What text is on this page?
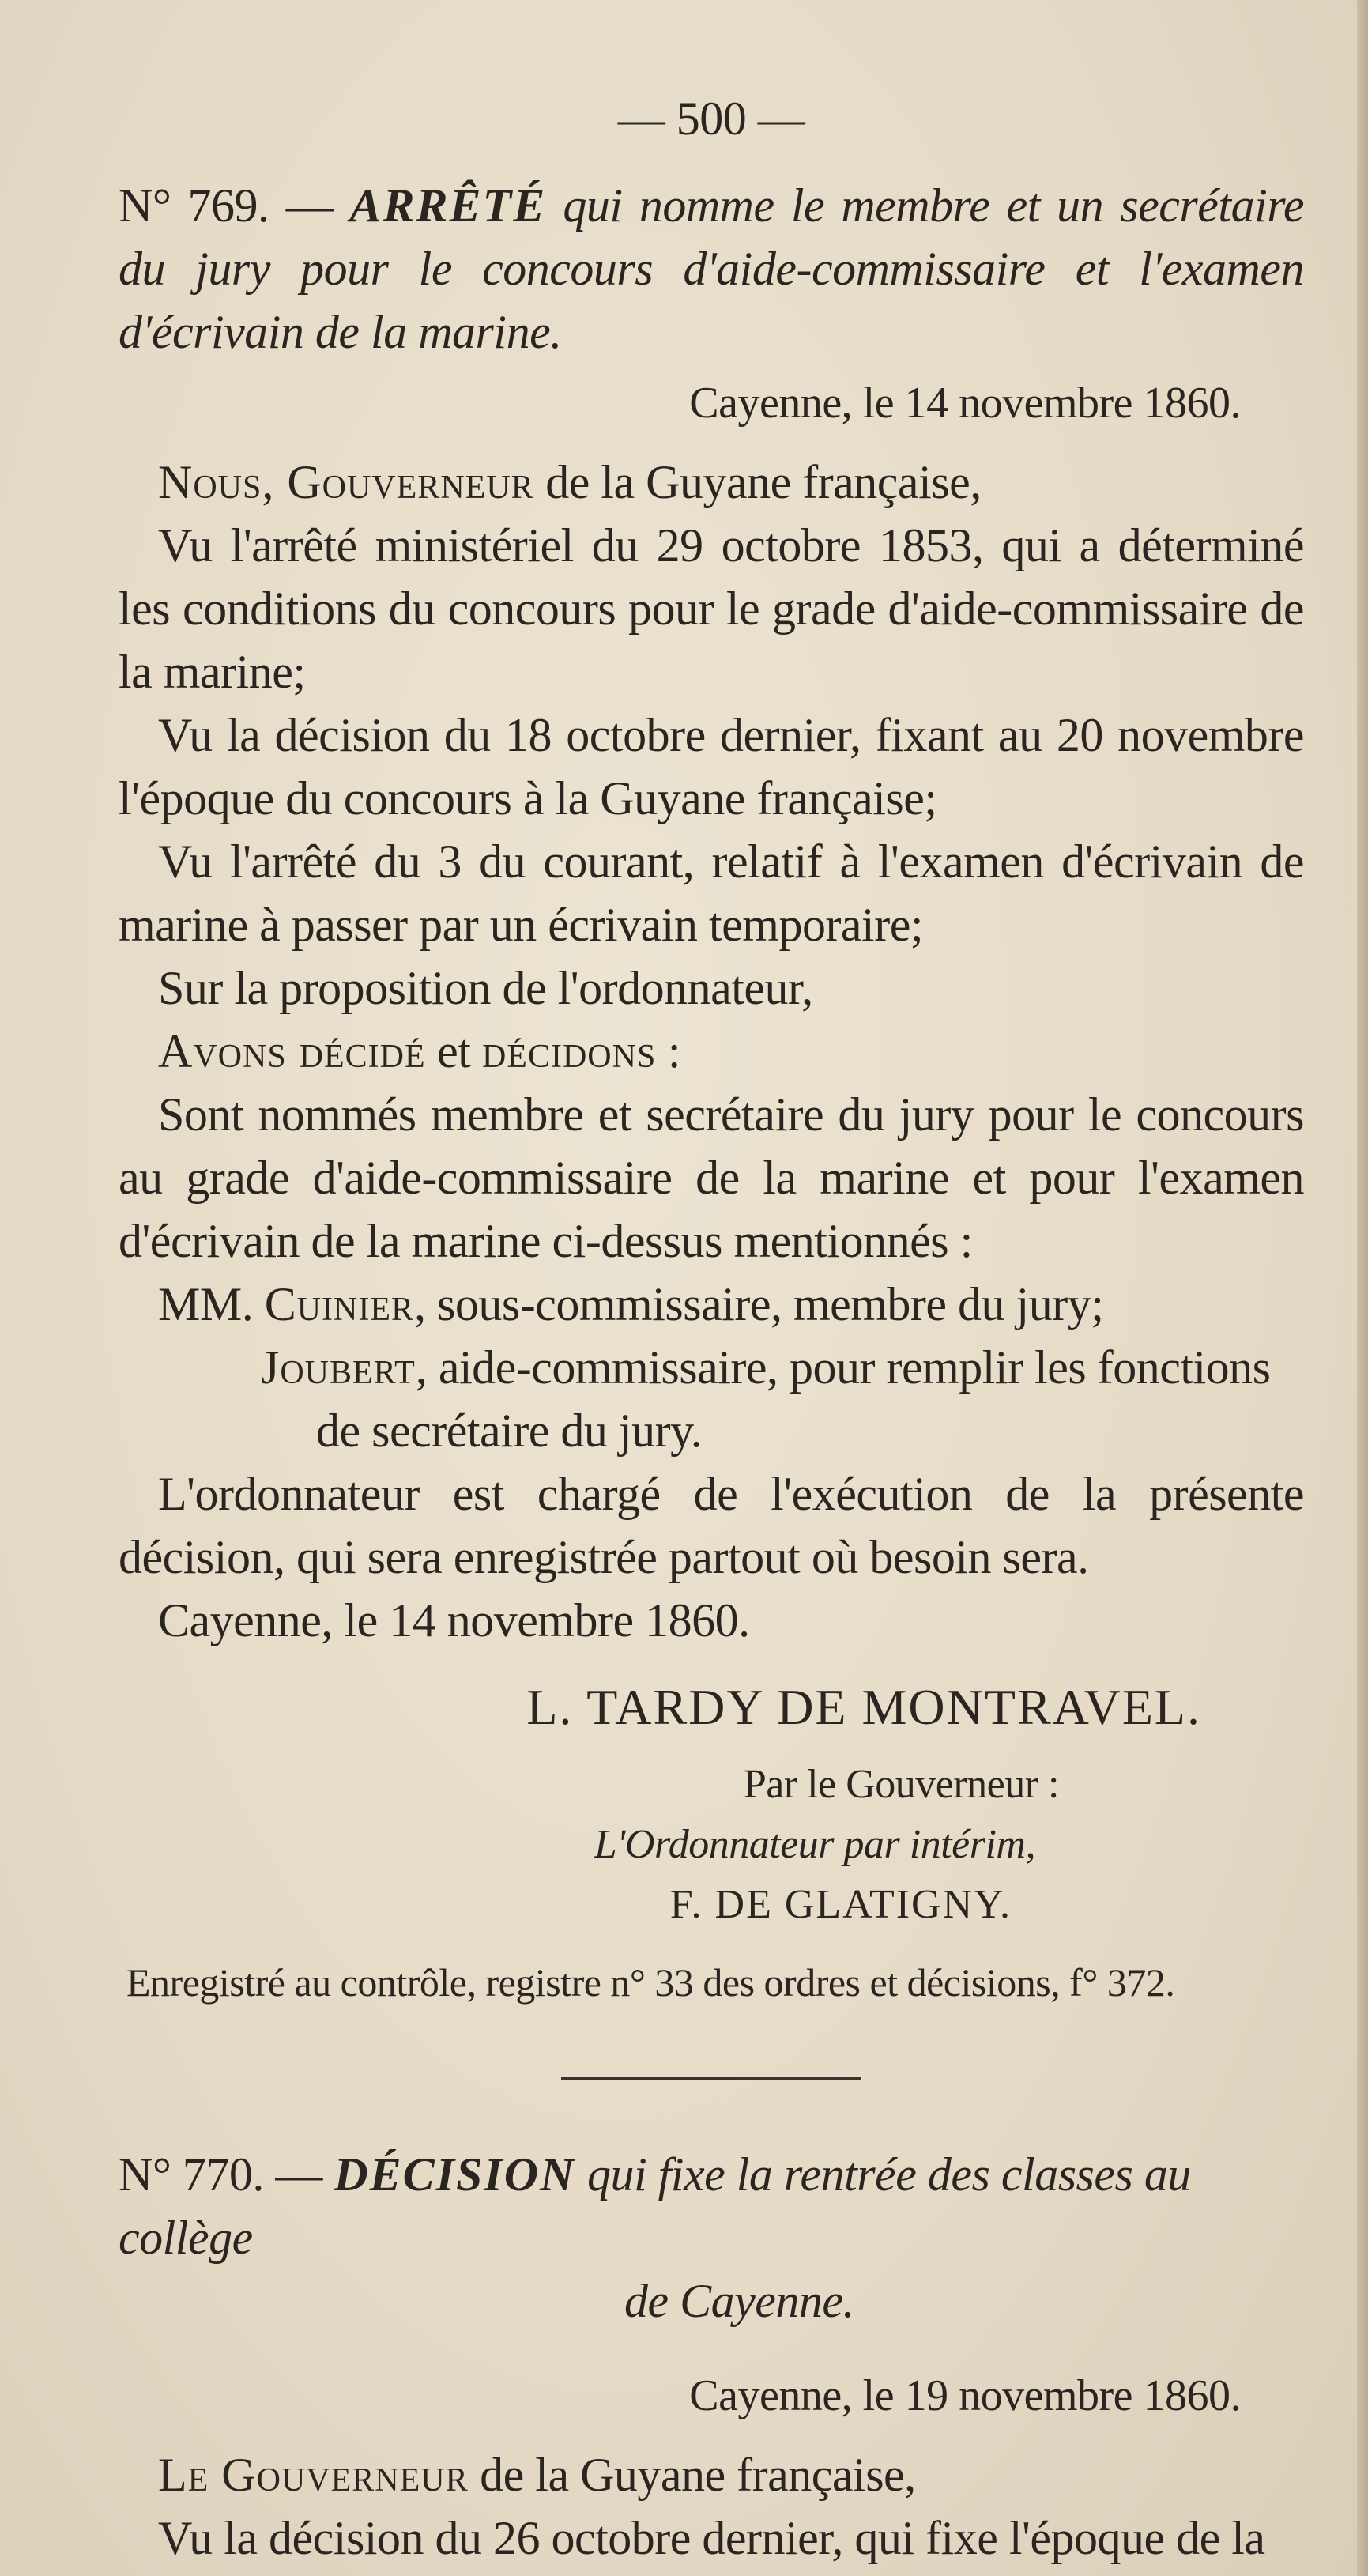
— 500 —

N° 769. — ARRÊTÉ qui nomme le membre et un secrétaire du jury pour le concours d'aide-commissaire et l'examen d'écrivain de la marine.

Cayenne, le 14 novembre 1860.

Nous, Gouverneur de la Guyane française,

Vu l'arrêté ministériel du 29 octobre 1853, qui a déterminé les conditions du concours pour le grade d'aide-commissaire de la marine;

Vu la décision du 18 octobre dernier, fixant au 20 novembre l'époque du concours à la Guyane française;

Vu l'arrêté du 3 du courant, relatif à l'examen d'écrivain de marine à passer par un écrivain temporaire;

Sur la proposition de l'ordonnateur,

Avons décidé et décidons :

Sont nommés membre et secrétaire du jury pour le concours au grade d'aide-commissaire de la marine et pour l'examen d'écrivain de la marine ci-dessus mentionnés :

MM. Cuinier, sous-commissaire, membre du jury;

Joubert, aide-commissaire, pour remplir les fonctions

de secrétaire du jury.

L'ordonnateur est chargé de l'exécution de la présente décision, qui sera enregistrée partout où besoin sera.

Cayenne, le 14 novembre 1860.

L. TARDY DE MONTRAVEL.

Par le Gouverneur :

L'Ordonnateur par intérim,

F. DE GLATIGNY.

Enregistré au contrôle, registre n° 33 des ordres et décisions, f° 372.

N° 770. — DÉCISION qui fixe la rentrée des classes au collège
de Cayenne.

Cayenne, le 19 novembre 1860.

Le Gouverneur de la Guyane française,

Vu la décision du 26 octobre dernier, qui fixe l'époque de la
